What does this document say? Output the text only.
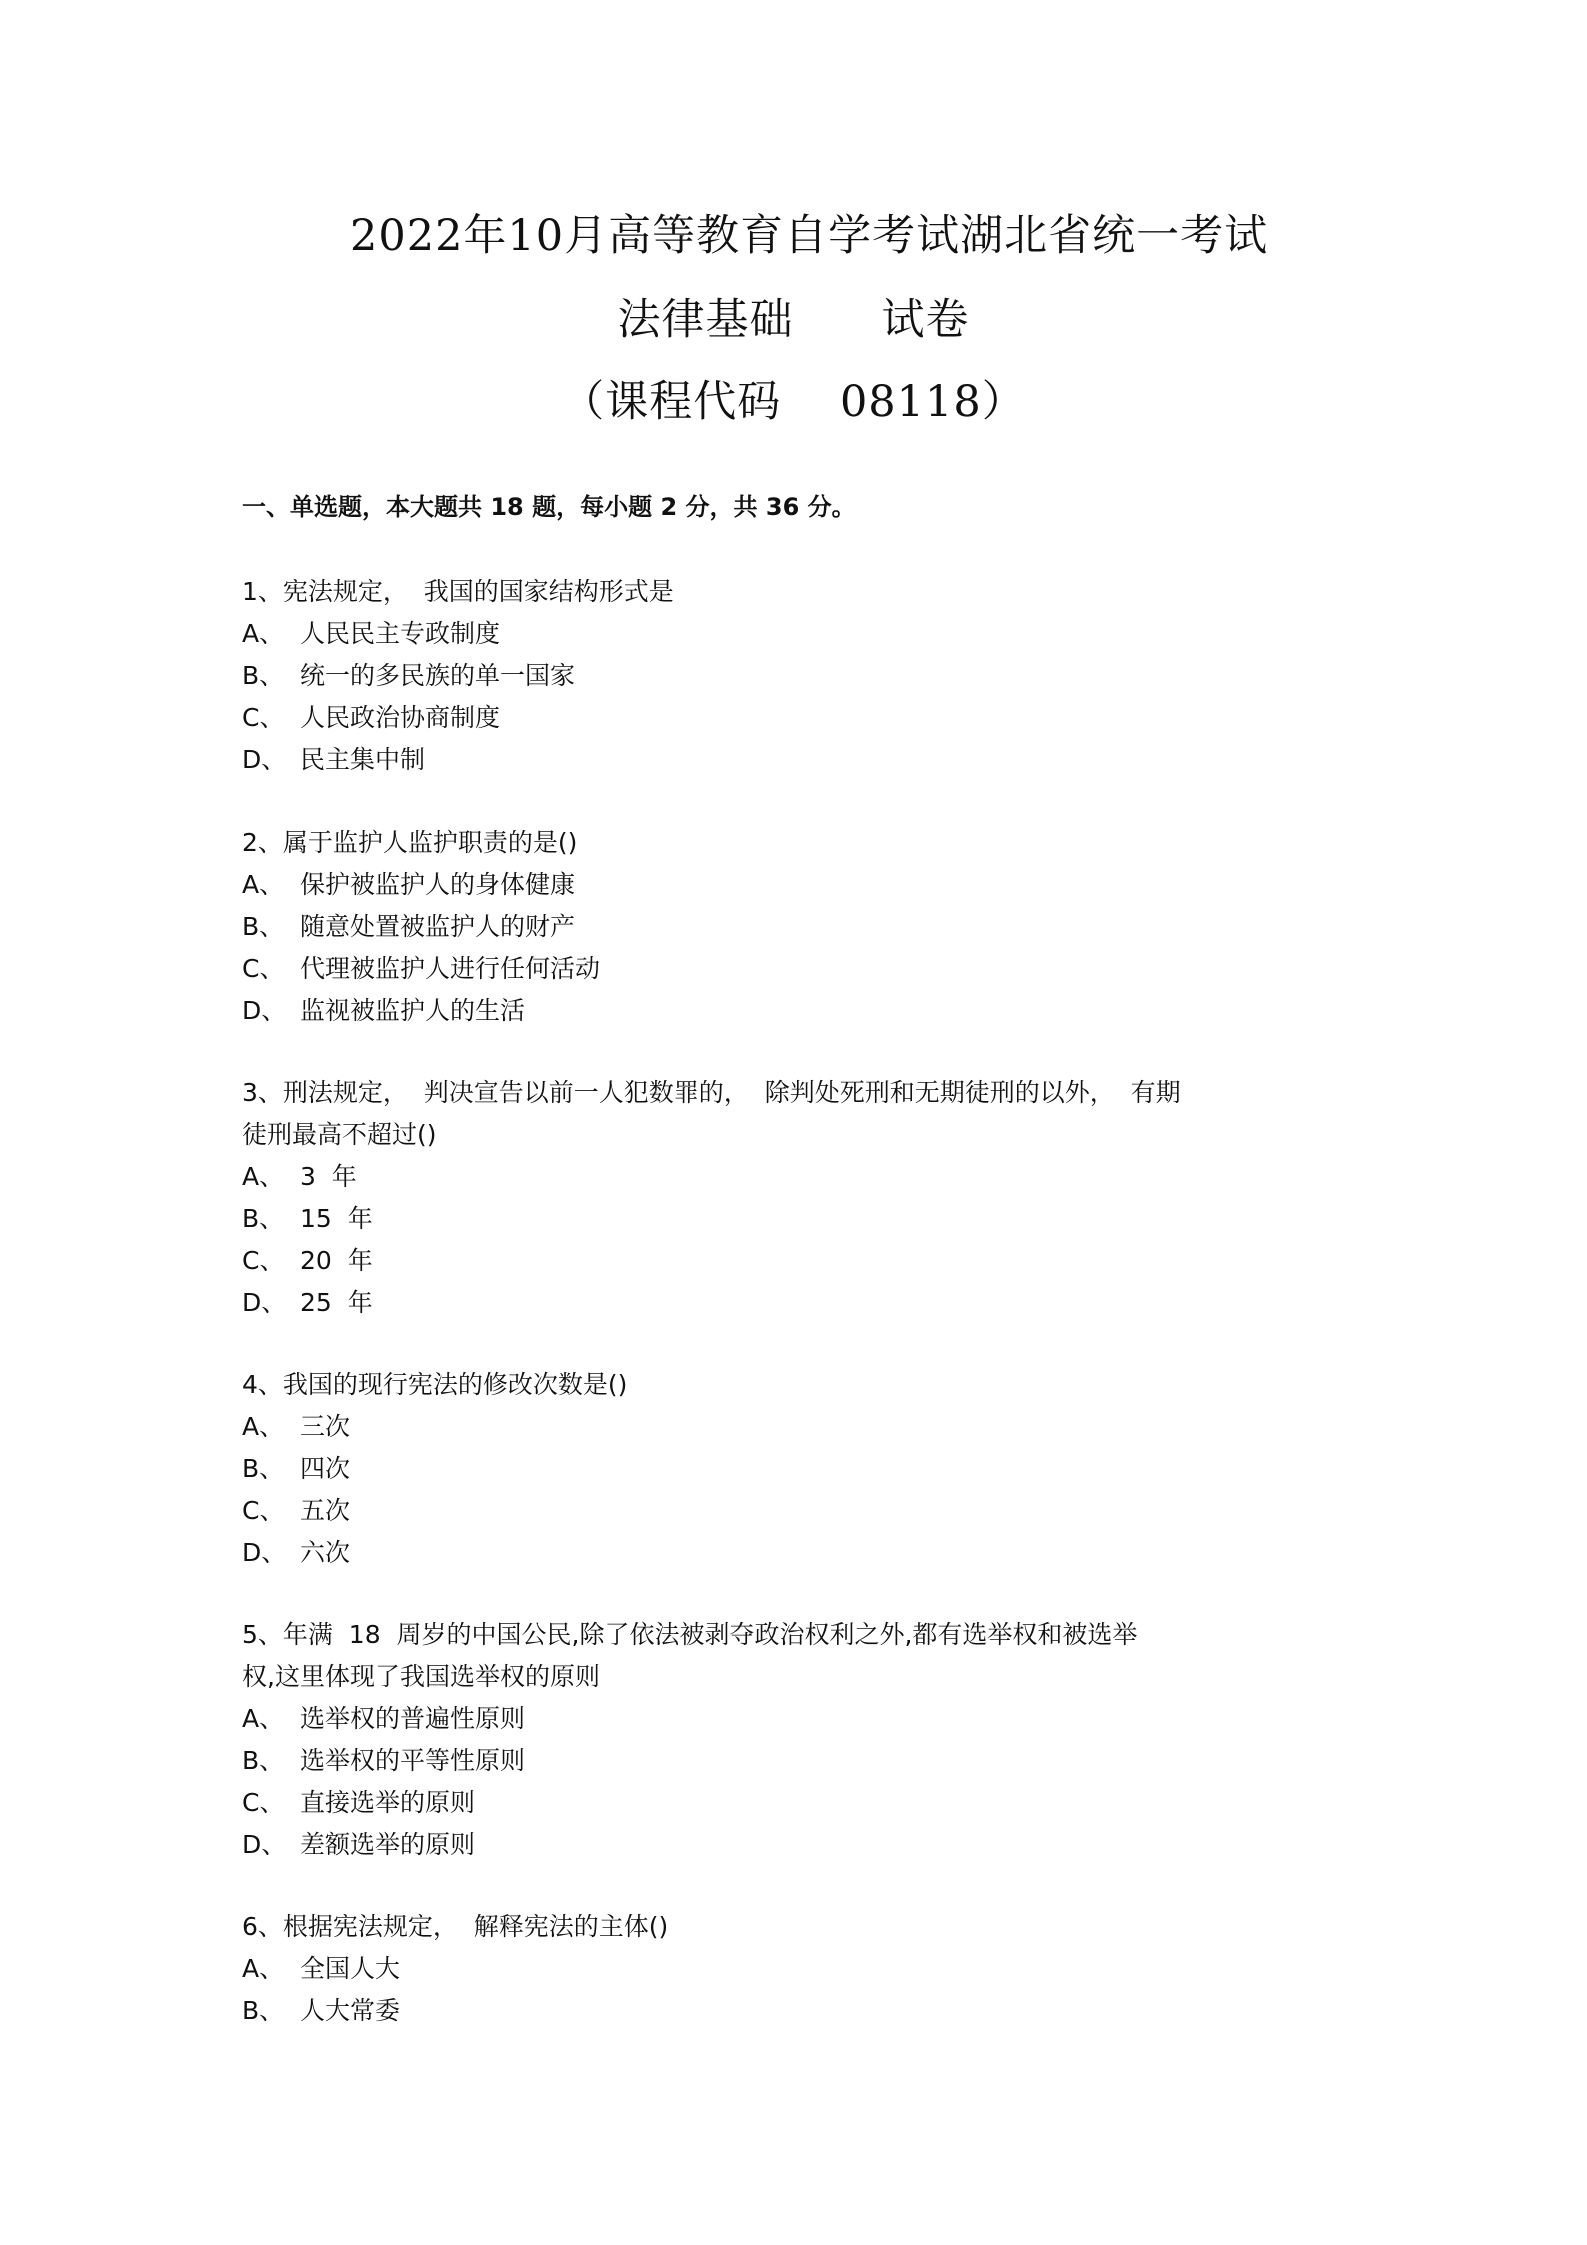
2022年10月高等教育自学考试湖北省统一考试
法律基础      试卷
（课程代码    08118）
一、单选题，本大题共 18 题，每小题 2 分，共 36 分。
1、宪法规定，  我国的国家结构形式是
A、 人民民主专政制度
B、 统一的多民族的单一国家
C、 人民政治协商制度
D、 民主集中制
2、属于监护人监护职责的是()
A、 保护被监护人的身体健康
B、 随意处置被监护人的财产
C、 代理被监护人进行任何活动
D、 监视被监护人的生活
3、刑法规定，  判决宣告以前一人犯数罪的，  除判处死刑和无期徒刑的以外，  有期
徒刑最高不超过()
A、 3  年
B、 15  年
C、 20  年
D、 25  年
4、我国的现行宪法的修改次数是()
A、 三次
B、 四次
C、 五次
D、 六次
5、年满  18  周岁的中国公民,除了依法被剥夺政治权利之外,都有选举权和被选举
权,这里体现了我国选举权的原则
A、 选举权的普遍性原则
B、 选举权的平等性原则
C、 直接选举的原则
D、 差额选举的原则
6、根据宪法规定，  解释宪法的主体()
A、 全国人大
B、 人大常委
